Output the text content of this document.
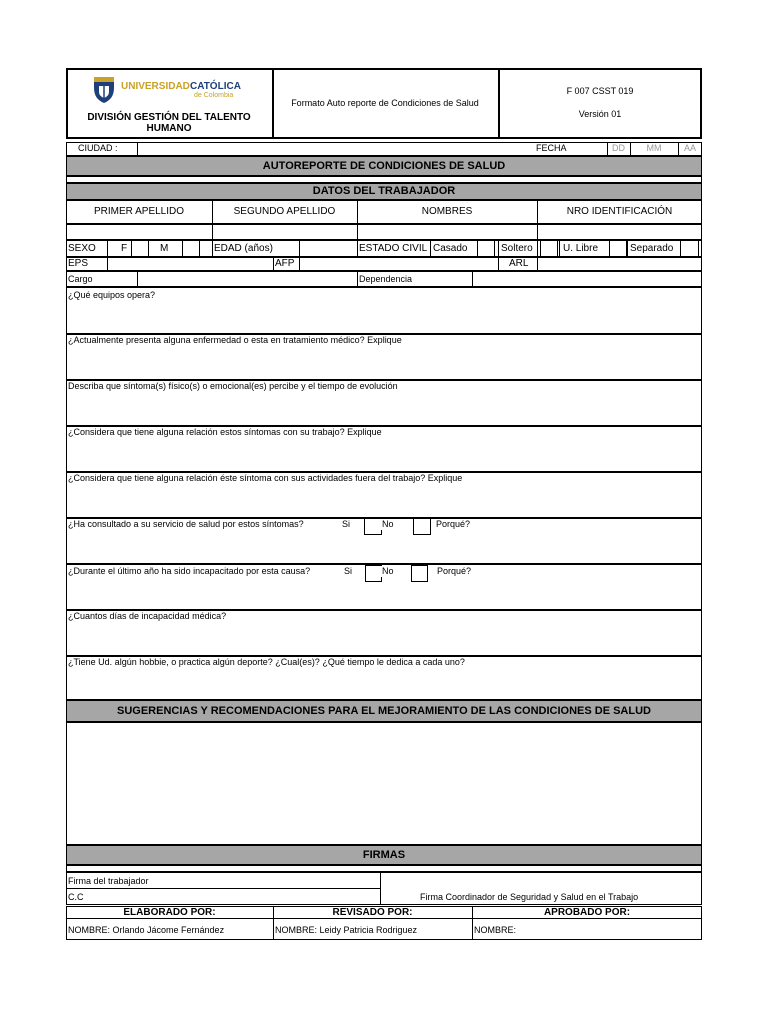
UNIVERSIDAD CATÓLICA
de Colombia
DIVISIÓN GESTIÓN DEL TALENTO
HUMANO
Formato Auto reporte de Condiciones de Salud
F 007 CSST 019
Versión 01
CIUDAD :	FECHA	DD	MM	AA
AUTOREPORTE DE CONDICIONES DE SALUD
DATOS DEL TRABAJADOR
PRIMER APELLIDO	SEGUNDO APELLIDO	NOMBRES	NRO IDENTIFICACIÓN
SEXO	F	M	EDAD (años)	ESTADO CIVIL Casado	Soltero	U. Libre	Separado
EPS	AFP	ARL
Cargo	Dependencia
¿Qué equipos opera?
¿Actualmente presenta alguna enfermedad o esta en tratamiento médico? Explique
Describa que síntoma(s) físico(s) o emocional(es) percibe y el tiempo de evolución
¿Considera que tiene alguna relación estos síntomas con su trabajo? Explique
¿Considera que tiene alguna relación éste síntoma con sus actividades fuera del trabajo? Explique
¿Ha consultado a su servicio de salud por estos síntomas?	Si	No	Porqué?
¿Durante el último año ha sido incapacitado por esta causa?	Si	No	Porqué?
¿Cuantos días de incapacidad médica?
¿Tiene Ud. algún hobbie, o practica algún deporte? ¿Cual(es)? ¿Qué tiempo le dedica a cada uno?
SUGERENCIAS Y RECOMENDACIONES PARA EL MEJORAMIENTO DE LAS CONDICIONES DE SALUD
FIRMAS
Firma del trabajador
C.C	Firma Coordinador de Seguridad y Salud en el Trabajo
ELABORADO POR:	REVISADO POR:	APROBADO POR:
NOMBRE: Orlando Jácome Fernández	NOMBRE: Leidy Patricia Rodriguez	NOMBRE:
